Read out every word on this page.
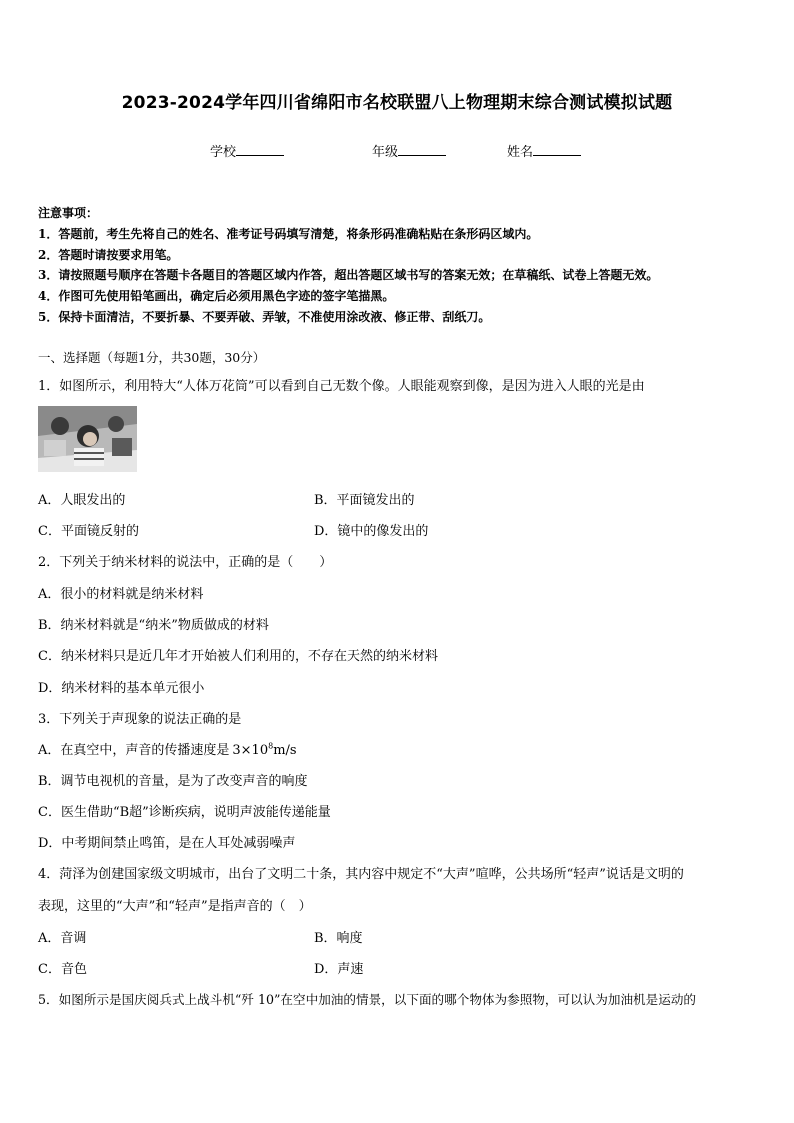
2023-2024学年四川省绵阳市名校联盟八上物理期末综合测试模拟试题
学校	年级	姓名
注意事项：
1．答题前，考生先将自己的姓名、准考证号码填写清楚，将条形码准确粘贴在条形码区域内。
2．答题时请按要求用笔。
3．请按照题号顺序在答题卡各题目的答题区域内作答，超出答题区域书写的答案无效；在草稿纸、试卷上答题无效。
4．作图可先使用铅笔画出，确定后必须用黑色字迹的签字笔描黑。
5．保持卡面清洁，不要折暴、不要弄破、弄皱，不准使用涂改液、修正带、刮纸刀。
一、选择题（每题1分，共30题，30分）
1．如图所示，利用特大“人体万花筒”可以看到自己无数个像。人眼能观察到像，是因为进入人眼的光是由
A．人眼发出的	B．平面镜发出的
C．平面镜反射的	D．镜中的像发出的
2．下列关于纳米材料的说法中，正确的是（　　）
A．很小的材料就是纳米材料
B．纳米材料就是“纳米”物质做成的材料
C．纳米材料只是近几年才开始被人们利用的，不存在天然的纳米材料
D．纳米材料的基本单元很小
3．下列关于声现象的说法正确的是
A．在真空中，声音的传播速度是 $3\times 10^8m/s$
B．调节电视机的音量，是为了改变声音的响度
C．医生借助“B超”诊断疾病，说明声波能传递能量
D．中考期间禁止鸣笛，是在人耳处减弱噪声
4．菏泽为创建国家级文明城市，出台了文明二十条，其内容中规定不“大声”喧哗，公共场所“轻声”说话是文明的
表现，这里的“大声”和“轻声”是指声音的（　）
A．音调	B．响度
C．音色	D．声速
5．如图所示是国庆阅兵式上战斗机“歼 10”在空中加油的情景，以下面的哪个物体为参照物，可以认为加油机是运动的
